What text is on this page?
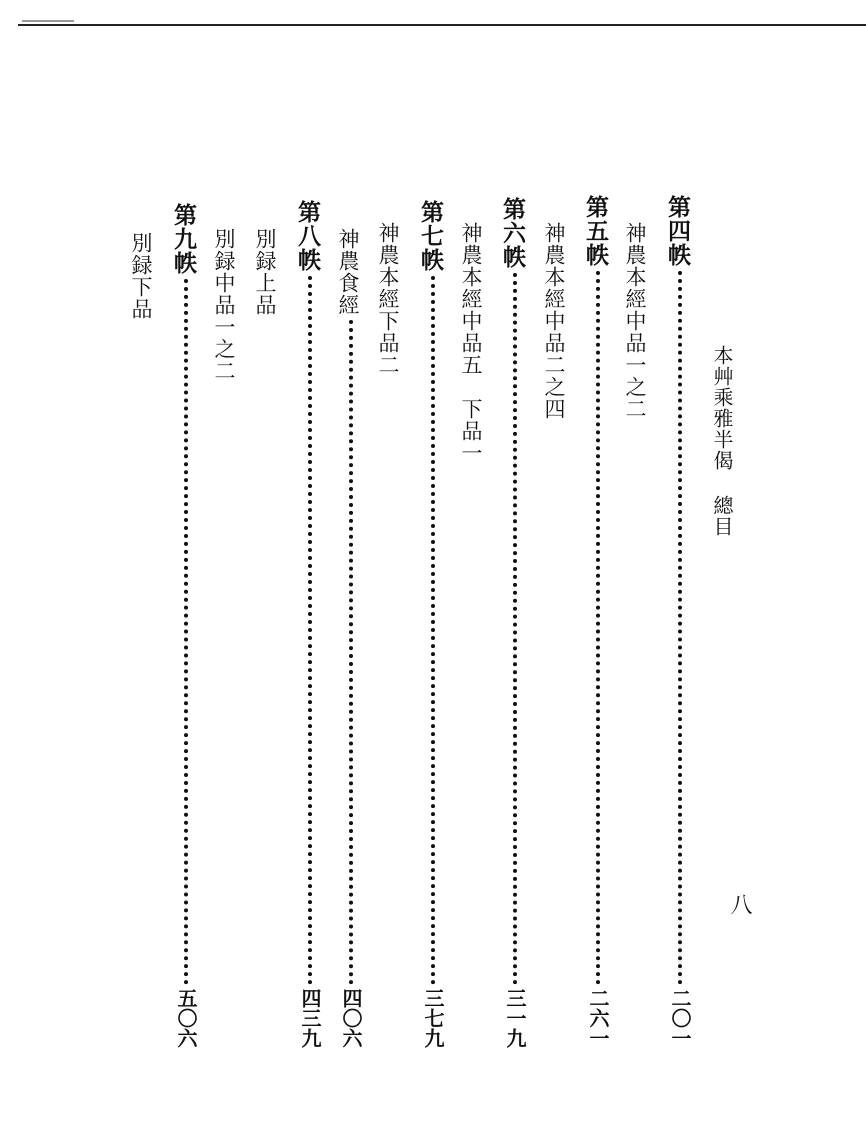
本艸乘雅半偈
總目
八
第四帙
神農本經中品一之二
第五帙
神農本經中品二之四
第六帙
神農本經中品五　下品一
第七帙
神農本經下品二
神農食經
第八帙
別録上品
別録中品一之二
第九帙
別録下品
二〇一
二六一
三一九
三七九
四〇六
四三九
五〇六
